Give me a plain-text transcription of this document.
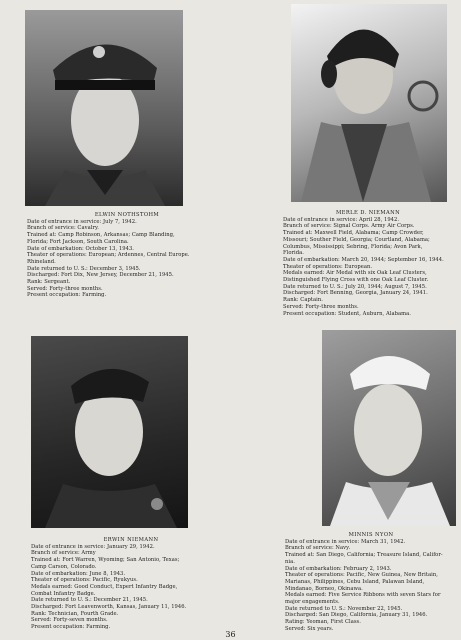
ELWIN NOTHSTOHM
Date of entrance in service: July 7, 1942.
Branch of service: Cavalry.
Trained at: Camp Robinson, Arkansas; Camp Blanding,
Florida; Fort Jackson, South Carolina.
Date of embarkation: October 13, 1943.
Theater of operations: European; Ardennes, Central Europe.
Rhineland.
Date returned to U. S.: December 3, 1945.
Discharged: Fort Dix, New Jersey, December 21, 1945.
Rank: Sergeant.
Served: Forty-three months.
Present occupation: Farming.
MERLE D. NIEMANN
Date of entrance in service: April 28, 1942.
Branch of service: Signal Corps. Army Air Corps.
Trained at: Maxwell Field, Alabama; Camp Crowder,
Missouri; Souther Field, Georgia; Courtland, Alabama;
Columbus, Mississippi; Sebring, Florida; Avon Park,
Florida.
Date of embarkation: March 20, 1944; September 16, 1944.
Theater of operations: European.
Medals earned: Air Medal with six Oak Leaf Clusters,
Distinguished Flying Cross with one Oak Leaf Cluster.
Date returned to U. S.: July 20, 1944; August 7, 1945.
Discharged: Fort Benning, Georgia, January 24, 1941.
Rank: Captain.
Served: Forty-three months.
Present occupation: Student, Auburn, Alabama.
ERWIN NIEMANN
Date of entrance in service: January 29, 1942.
Branch of service: Army
Trained at: Fort Warren, Wyoming; San Antonio, Texas;
Camp Carson, Colorado.
Date of embarkation: June 8, 1943.
Theater of operations: Pacific, Ryukyus.
Medals earned: Good Conduct, Expert Infantry Badge,
Combat Infantry Badge.
Date returned to U. S.: December 21, 1945.
Discharged: Fort Leavenworth, Kansas, January 11, 1946.
Rank: Technician, Fourth Grade.
Served: Forty-seven months.
Present occupation: Farming.
MINNIS NYON
Date of entrance in service: March 31, 1942.
Branch of service: Navy.
Trained at: San Diego, California; Treasure Island, Califor-
nia.
Date of embarkation: February 2, 1943.
Theater of operations: Pacific, New Guinea, New Britain,
Marianas, Philippines, Cebu Island, Palawan Island,
Mindanao, Borneo, Okinawa.
Medals earned: Five Service Ribbons with seven Stars for
major engagements.
Date returned to U. S.: November 22, 1945.
Discharged: San Diego, California, January 31, 1946.
Rating: Yeoman, First Class.
Served: Six years.
36
